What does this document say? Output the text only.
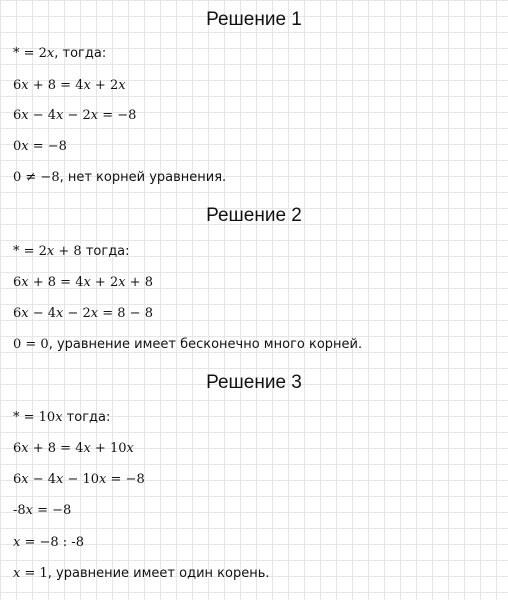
Решение 1
* = 2𝑥, тогда:
6𝑥 + 8 = 4𝑥 + 2𝑥
6𝑥 − 4𝑥 − 2𝑥 = −8
0𝑥 = −8
0 ≠ −8, нет корней уравнения.
Решение 2
* = 2𝑥 + 8 тогда:
6𝑥 + 8 = 4𝑥 + 2𝑥 + 8
6𝑥 − 4𝑥 − 2𝑥 = 8 − 8
0 = 0, уравнение имеет бесконечно много корней.
Решение 3
* = 10𝑥 тогда:
6𝑥 + 8 = 4𝑥 + 10𝑥
6𝑥 − 4𝑥 − 10𝑥 = −8
-8𝑥 = −8
𝑥 = −8 : -8
𝑥 = 1, уравнение имеет один корень.
